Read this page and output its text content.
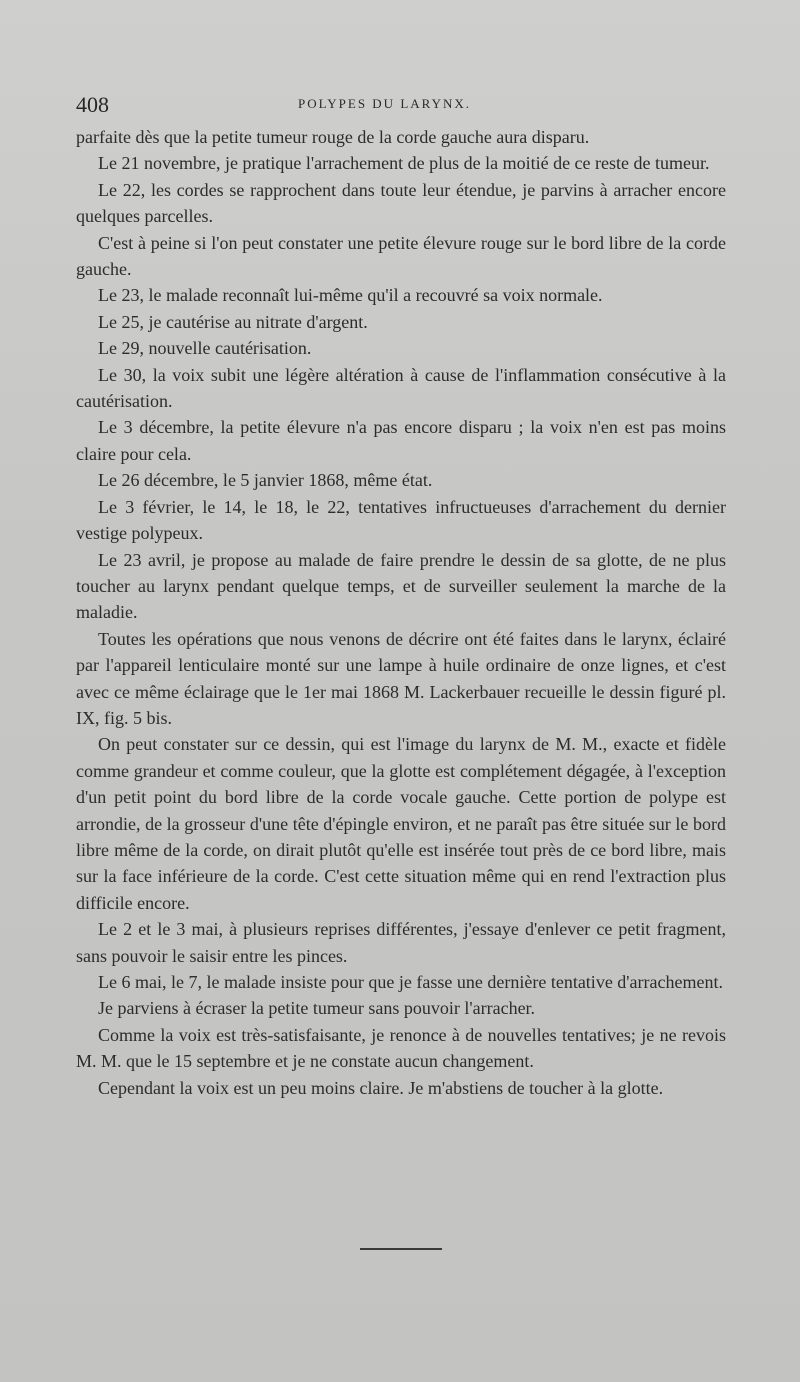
408	POLYPES DU LARYNX.

parfaite dès que la petite tumeur rouge de la corde gauche aura disparu.

Le 21 novembre, je pratique l'arrachement de plus de la moitié de ce reste de tumeur.

Le 22, les cordes se rapprochent dans toute leur étendue, je parvins à arracher encore quelques parcelles.

C'est à peine si l'on peut constater une petite élevure rouge sur le bord libre de la corde gauche.

Le 23, le malade reconnaît lui-même qu'il a recouvré sa voix normale.

Le 25, je cautérise au nitrate d'argent.

Le 29, nouvelle cautérisation.

Le 30, la voix subit une légère altération à cause de l'inflammation consécutive à la cautérisation.

Le 3 décembre, la petite élevure n'a pas encore disparu ; la voix n'en est pas moins claire pour cela.

Le 26 décembre, le 5 janvier 1868, même état.

Le 3 février, le 14, le 18, le 22, tentatives infructueuses d'arrachement du dernier vestige polypeux.

Le 23 avril, je propose au malade de faire prendre le dessin de sa glotte, de ne plus toucher au larynx pendant quelque temps, et de surveiller seulement la marche de la maladie.

Toutes les opérations que nous venons de décrire ont été faites dans le larynx, éclairé par l'appareil lenticulaire monté sur une lampe à huile ordinaire de onze lignes, et c'est avec ce même éclairage que le 1er mai 1868 M. Lackerbauer recueille le dessin figuré pl. IX, fig. 5 bis.

On peut constater sur ce dessin, qui est l'image du larynx de M. M., exacte et fidèle comme grandeur et comme couleur, que la glotte est complétement dégagée, à l'exception d'un petit point du bord libre de la corde vocale gauche. Cette portion de polype est arrondie, de la grosseur d'une tête d'épingle environ, et ne paraît pas être située sur le bord libre même de la corde, on dirait plutôt qu'elle est insérée tout près de ce bord libre, mais sur la face inférieure de la corde. C'est cette situation même qui en rend l'extraction plus difficile encore.

Le 2 et le 3 mai, à plusieurs reprises différentes, j'essaye d'enlever ce petit fragment, sans pouvoir le saisir entre les pinces.

Le 6 mai, le 7, le malade insiste pour que je fasse une dernière tentative d'arrachement.

Je parviens à écraser la petite tumeur sans pouvoir l'arracher.

Comme la voix est très-satisfaisante, je renonce à de nouvelles tentatives; je ne revois M. M. que le 15 septembre et je ne constate aucun changement.

Cependant la voix est un peu moins claire. Je m'abstiens de toucher à la glotte.
